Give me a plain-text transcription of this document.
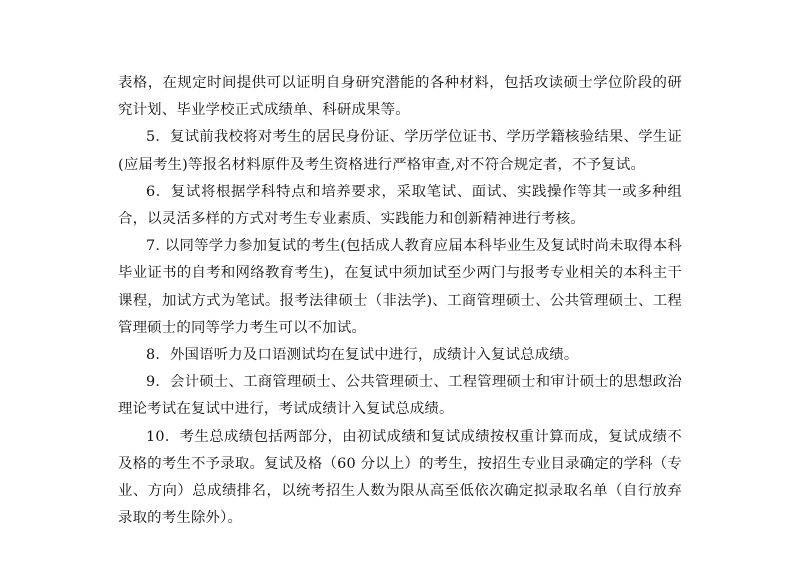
表格，在规定时间提供可以证明自身研究潜能的各种材料，包括攻读硕士学位阶段的研究计划、毕业学校正式成绩单、科研成果等。

5．复试前我校将对考生的居民身份证、学历学位证书、学历学籍核验结果、学生证(应届考生)等报名材料原件及考生资格进行严格审查,对不符合规定者，不予复试。

6．复试将根据学科特点和培养要求，采取笔试、面试、实践操作等其一或多种组合，以灵活多样的方式对考生专业素质、实践能力和创新精神进行考核。

7. 以同等学力参加复试的考生(包括成人教育应届本科毕业生及复试时尚未取得本科毕业证书的自考和网络教育考生)，在复试中须加试至少两门与报考专业相关的本科主干课程，加试方式为笔试。报考法律硕士（非法学)、工商管理硕士、公共管理硕士、工程管理硕士的同等学力考生可以不加试。

8．外国语听力及口语测试均在复试中进行，成绩计入复试总成绩。

9．会计硕士、工商管理硕士、公共管理硕士、工程管理硕士和审计硕士的思想政治理论考试在复试中进行，考试成绩计入复试总成绩。

10．考生总成绩包括两部分，由初试成绩和复试成绩按权重计算而成，复试成绩不及格的考生不予录取。复试及格（60 分以上）的考生，按招生专业目录确定的学科（专业、方向）总成绩排名，以统考招生人数为限从高至低依次确定拟录取名单（自行放弃录取的考生除外）。
